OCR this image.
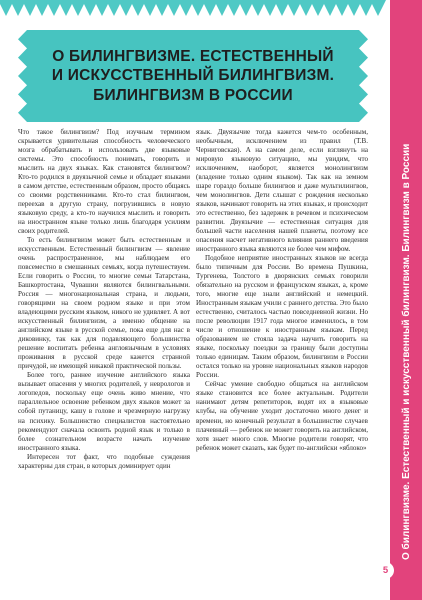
О БИЛИНГВИЗМЕ. ЕСТЕСТВЕННЫЙ
И ИСКУССТВЕННЫЙ БИЛИНГВИЗМ.
БИЛИНГВИЗМ В РОССИИ

Что такое билингвизм? Под изучным термином скрывается удивительная способность человеческого мозга обрабатывать и использовать две языковые системы. Это способность понимать, говорить и мыслить на двух языках. Как становятся билингвом? Кто-то родился в двуязычной семье и обладает языками в самом детстве, естественным образом, просто общаясь со своими родственниками. Кто-то стал билингвом, переехав в другую страну, погрузившись в новую языковую среду, а кто-то научился мыслить и говорить на иностранном языке только лишь благодаря усилиям своих родителей.

То есть билингвизм может быть естественным и искусственным. Естественный билингвизм — явление очень распространенное, мы наблюдаем его повсеместно в смешанных семьях, когда путешествуем. Если говорить о России, то многие семьи Татарстана, Башкортостана, Чувашии являются билингвальными. Россия — многонациональная страна, и людьми, говорящими на своем родном языке и при этом владеющими русским языком, никого не удивляет. А вот искусственный билингвизм, а именно общение на английском языке в русской семье, пока еще для нас в диковинку, так как для подавляющего большинства решение воспитать ребенка англоязычным в условиях проживания в русской среде кажется странной причудой, не имеющей никакой практической пользы.

Более того, раннее изучение английского языка вызывает опасения у многих родителей, у неврологов и логопедов, поскольку еще очень живо мнение, что параллельное освоение ребенком двух языков может за собой путаницу, кашу в голове и чрезмерную нагрузку на психику. Большинство специалистов настоятельно рекомендуют сначала освоить родной язык и только в более сознательном возрасте начать изучение иностранного языка.

Интересен тот факт, что подобные суждения характерны для стран, в которых доминирует один

язык. Двуязычие тогда кажется чем-то особенным, необычным, исключением из правил (Т.В. Черниговская). А на самом деле, если взглянуть на мировую языковую ситуацию, мы увидим, что исключением, наоборот, является монолингвизм (владение только одним языком). Так как на земном шаре гораздо больше билингвов и даже мультилингвов, чем монолингвов. Дети слышат с рождения несколько языков, начинают говорить на этих языках, и происходит это естественно, без задержек в речевом и психическом развитии. Двуязычие — естественная ситуация для большей части населения нашей планеты, поэтому все опасения насчет негативного влияния раннего введения иностранного языка являются не более чем мифом.

Подобное неприятие иностранных языков не всегда было типичным для России. Во времена Пушкина, Тургенева, Толстого в дворянских семьях говорили обязательно на русском и французском языках, а, кроме того, многие еще знали английский и немецкий. Иностранным языкам учили с раннего детства. Это было естественно, считалось частью повседневной жизни. Но после революции 1917 года многое изменилось, в том числе и отношение к иностранным языкам. Перед образованием не стояла задача научить говорить на языке, поскольку поездки за границу были доступны только единицам. Таким образом, билингвизм в России остался только на уровне национальных языков народов России.

Сейчас умение свободно общаться на английском языке становится все более актуальным. Родители нанимают детям репетиторов, водят их в языковые клубы, на обучение уходит достаточно много денег и времени, но конечный результат в большинстве случаев плачевный — ребенок не может говорить на английском, хотя знает много слов. Многие родители говорят, что ребенок может сказать, как будет по-английски «яблоко»	О билингвизме. Естественный и искусственный билингвизм. Билингвизм в России
5
